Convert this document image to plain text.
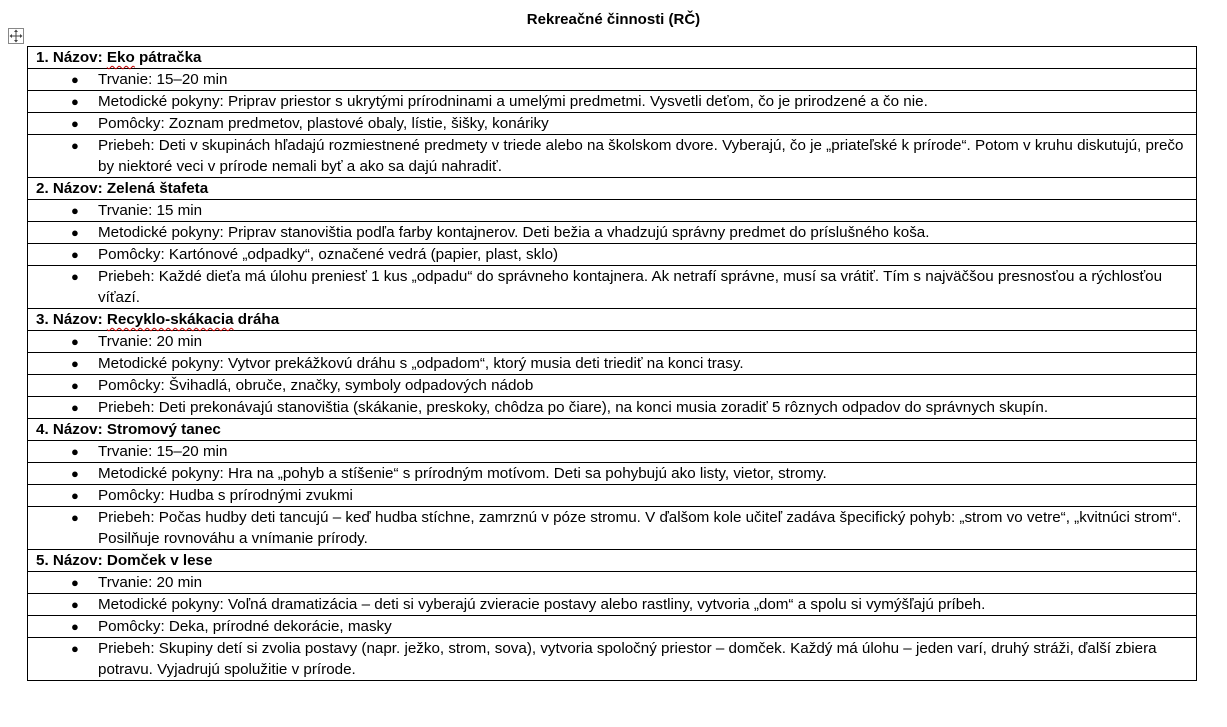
Rekreačné činnosti (RČ)
1. Názov: Eko pátračka

●	Trvanie: 15–20 min

●	Metodické pokyny: Priprav priestor s ukrytými prírodninami a umelými predmetmi. Vysvetli deťom, čo je prirodzené a čo nie.

●	Pomôcky: Zoznam predmetov, plastové obaly, lístie, šišky, konáriky

●	Priebeh: Deti v skupinách hľadajú rozmiestnené predmety v triede alebo na školskom dvore. Vyberajú, čo je „priateľské k prírode“. Potom v kruhu diskutujú, prečo by niektoré veci v prírode nemali byť a ako sa dajú nahradiť.

2. Názov: Zelená štafeta

●	Trvanie: 15 min

●	Metodické pokyny: Priprav stanovištia podľa farby kontajnerov. Deti bežia a vhadzujú správny predmet do príslušného koša.

●	Pomôcky: Kartónové „odpadky“, označené vedrá (papier, plast, sklo)

●	Priebeh: Každé dieťa má úlohu preniesť 1 kus „odpadu“ do správneho kontajnera. Ak netrafí správne, musí sa vrátiť. Tím s najväčšou presnosťou a rýchlosťou víťazí.

3. Názov: Recyklo-skákacia dráha

●	Trvanie: 20 min

●	Metodické pokyny: Vytvor prekážkovú dráhu s „odpadom“, ktorý musia deti triediť na konci trasy.

●	Pomôcky: Švihadlá, obruče, značky, symboly odpadových nádob

●	Priebeh: Deti prekonávajú stanovištia (skákanie, preskoky, chôdza po čiare), na konci musia zoradiť 5 rôznych odpadov do správnych skupín.

4. Názov: Stromový tanec

●	Trvanie: 15–20 min

●	Metodické pokyny: Hra na „pohyb a stíšenie“ s prírodným motívom. Deti sa pohybujú ako listy, vietor, stromy.

●	Pomôcky: Hudba s prírodnými zvukmi

●	Priebeh: Počas hudby deti tancujú – keď hudba stíchne, zamrznú v póze stromu. V ďalšom kole učiteľ zadáva špecifický pohyb: „strom vo vetre“, „kvitnúci strom“. Posilňuje rovnováhu a vnímanie prírody.

5. Názov: Domček v lese

●	Trvanie: 20 min

●	Metodické pokyny: Voľná dramatizácia – deti si vyberajú zvieracie postavy alebo rastliny, vytvoria „dom“ a spolu si vymýšľajú príbeh.

●	Pomôcky: Deka, prírodné dekorácie, masky

●	Priebeh: Skupiny detí si zvolia postavy (napr. ježko, strom, sova), vytvoria spoločný priestor – domček. Každý má úlohu – jeden varí, druhý stráži, ďalší zbiera potravu. Vyjadrujú spolužitie v prírode.
